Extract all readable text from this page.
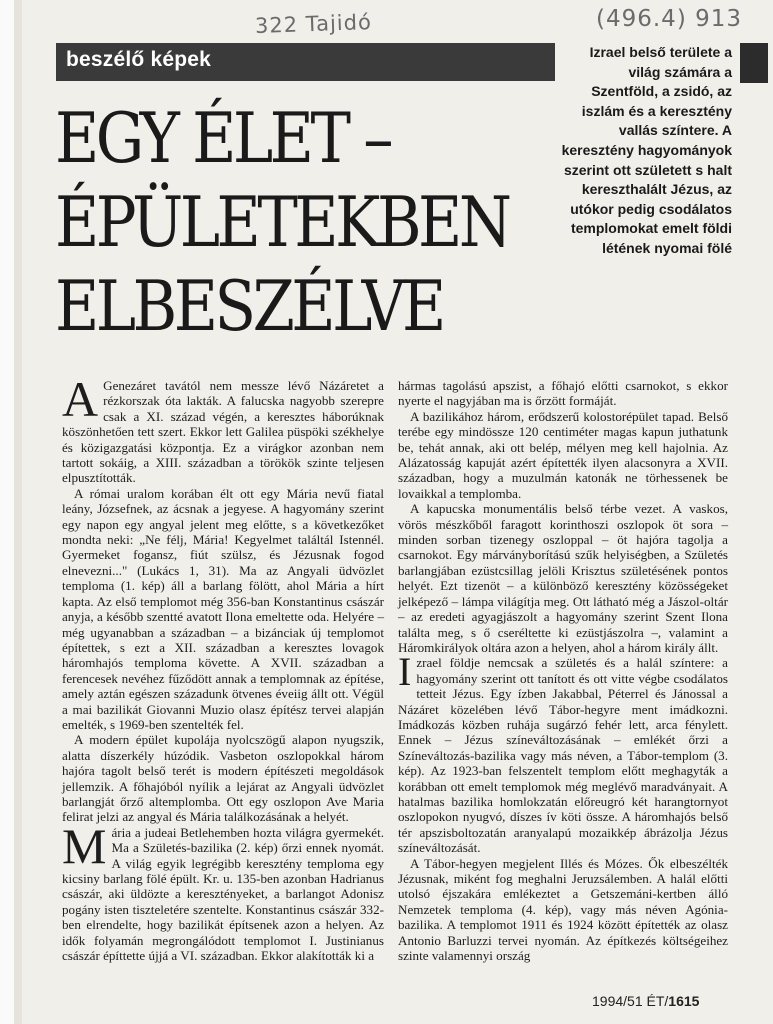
322 Tajidó	(496.4) 913
beszélő képek
EGY ÉLET –
ÉPÜLETEKBEN
ELBESZÉLVE
Izrael belső területe a világ számára a Szentföld, a zsidó, az iszlám és a keresztény vallás színtere. A keresztény hagyományok szerint ott született s halt kereszthalált Jézus, az utókor pedig csodálatos templomokat emelt földi létének nyomai fölé

A Genezáret tavától nem messze lévő Názáretet a rézkorszak óta lakták. A falucska nagyobb szerepre csak a XI. század végén, a keresztes háborúknak köszönhetően tett szert. Ekkor lett Galilea püspöki székhelye és közigazgatási központja. Ez a virágkor azonban nem tartott sokáig, a XIII. században a törökök szinte teljesen elpusztították.

A római uralom korában élt ott egy Mária nevű fiatal leány, Józsefnek, az ácsnak a jegyese. A hagyomány szerint egy napon egy angyal jelent meg előtte, s a következőket mondta neki: „Ne félj, Mária! Kegyelmet találtál Istennél. Gyermeket fogansz, fiút szülsz, és Jézusnak fogod elnevezni..." (Lukács 1, 31). Ma az Angyali üdvözlet temploma (1. kép) áll a barlang fölött, ahol Mária a hírt kapta. Az első templomot még 356-ban Konstantinus császár anyja, a később szentté avatott Ilona emeltette oda. Helyére – még ugyanabban a században – a bizánciak új templomot építettek, s ezt a XII. században a keresztes lovagok háromhajós temploma követte. A XVII. században a ferencesek nevéhez fűződött annak a templomnak az építése, amely aztán egészen századunk ötvenes éveiig állt ott. Végül a mai bazilikát Giovanni Muzio olasz építész tervei alapján emelték, s 1969-ben szentelték fel.

A modern épület kupolája nyolcszögű alapon nyugszik, alatta díszerkély húzódik. Vasbeton oszlopokkal három hajóra tagolt belső terét is modern építészeti megoldások jellemzik. A főhajóból nyílik a lejárat az Angyali üdvözlet barlangját őrző altemplomba. Ott egy oszlopon Ave Maria felirat jelzi az angyal és Mária találkozásának a helyét.

Mária a judeai Betlehemben hozta világra gyermekét. Ma a Születés-bazilika (2. kép) őrzi ennek nyomát. A világ egyik legrégibb keresztény temploma egy kicsiny barlang fölé épült. Kr. u. 135-ben azonban Hadrianus császár, aki üldözte a keresztényeket, a barlangot Adonisz pogány isten tiszteletére szentelte. Konstantinus császár 332-ben elrendelte, hogy bazilikát építsenek azon a helyen. Az idők folyamán megrongálódott templomot I. Justinianus császár építtette újjá a VI. században. Ekkor alakították ki a

hármas tagolású apszist, a főhajó előtti csarnokot, s ekkor nyerte el nagyjában ma is őrzött formáját.

A bazilikához három, erődszerű kolostorépület tapad. Belső terébe egy mindössze 120 centiméter magas kapun juthatunk be, tehát annak, aki ott belép, mélyen meg kell hajolnia. Az Alázatosság kapuját azért építették ilyen alacsonyra a XVII. században, hogy a muzulmán katonák ne törhessenek be lovaikkal a templomba.

A kapucska monumentális belső térbe vezet. A vaskos, vörös mészkőből faragott korinthoszi oszlopok öt sora – minden sorban tizenegy oszloppal – öt hajóra tagolja a csarnokot. Egy márványborítású szűk helyiségben, a Születés barlangjában ezüstcsillag jelöli Krisztus születésének pontos helyét. Ezt tizenöt – a különböző keresztény közösségeket jelképező – lámpa világítja meg. Ott látható még a Jászol-oltár – az eredeti agyagjászolt a hagyomány szerint Szent Ilona találta meg, s ő cseréltette ki ezüstjászolra –, valamint a Háromkirályok oltára azon a helyen, ahol a három király állt.

Izrael földje nemcsak a születés és a halál színtere: a hagyomány szerint ott tanított és ott vitte végbe csodálatos tetteit Jézus. Egy ízben Jakabbal, Péterrel és Jánossal a Názáret közelében lévő Tábor-hegyre ment imádkozni. Imádkozás közben ruhája sugárzó fehér lett, arca fénylett. Ennek – Jézus színeváltozásának – emlékét őrzi a Színeváltozás-bazilika vagy más néven, a Tábor-templom (3. kép). Az 1923-ban felszentelt templom előtt meghagyták a korábban ott emelt templomok még meglévő maradványait. A hatalmas bazilika homlokzatán előreugró két harangtornyot oszlopokon nyugvó, díszes ív köti össze. A háromhajós belső tér apszisboltozatán aranyalapú mozaikkép ábrázolja Jézus színeváltozását.

A Tábor-hegyen megjelent Illés és Mózes. Ők elbeszélték Jézusnak, miként fog meghalni Jeruzsálemben. A halál előtti utolsó éjszakára emlékeztet a Getszemáni-kertben álló Nemzetek temploma (4. kép), vagy más néven Agónia-bazilika. A templomot 1911 és 1924 között építették az olasz Antonio Barluzzi tervei nyomán. Az építkezés költségeihez szinte valamennyi ország

1994/51 ÉT/1615
